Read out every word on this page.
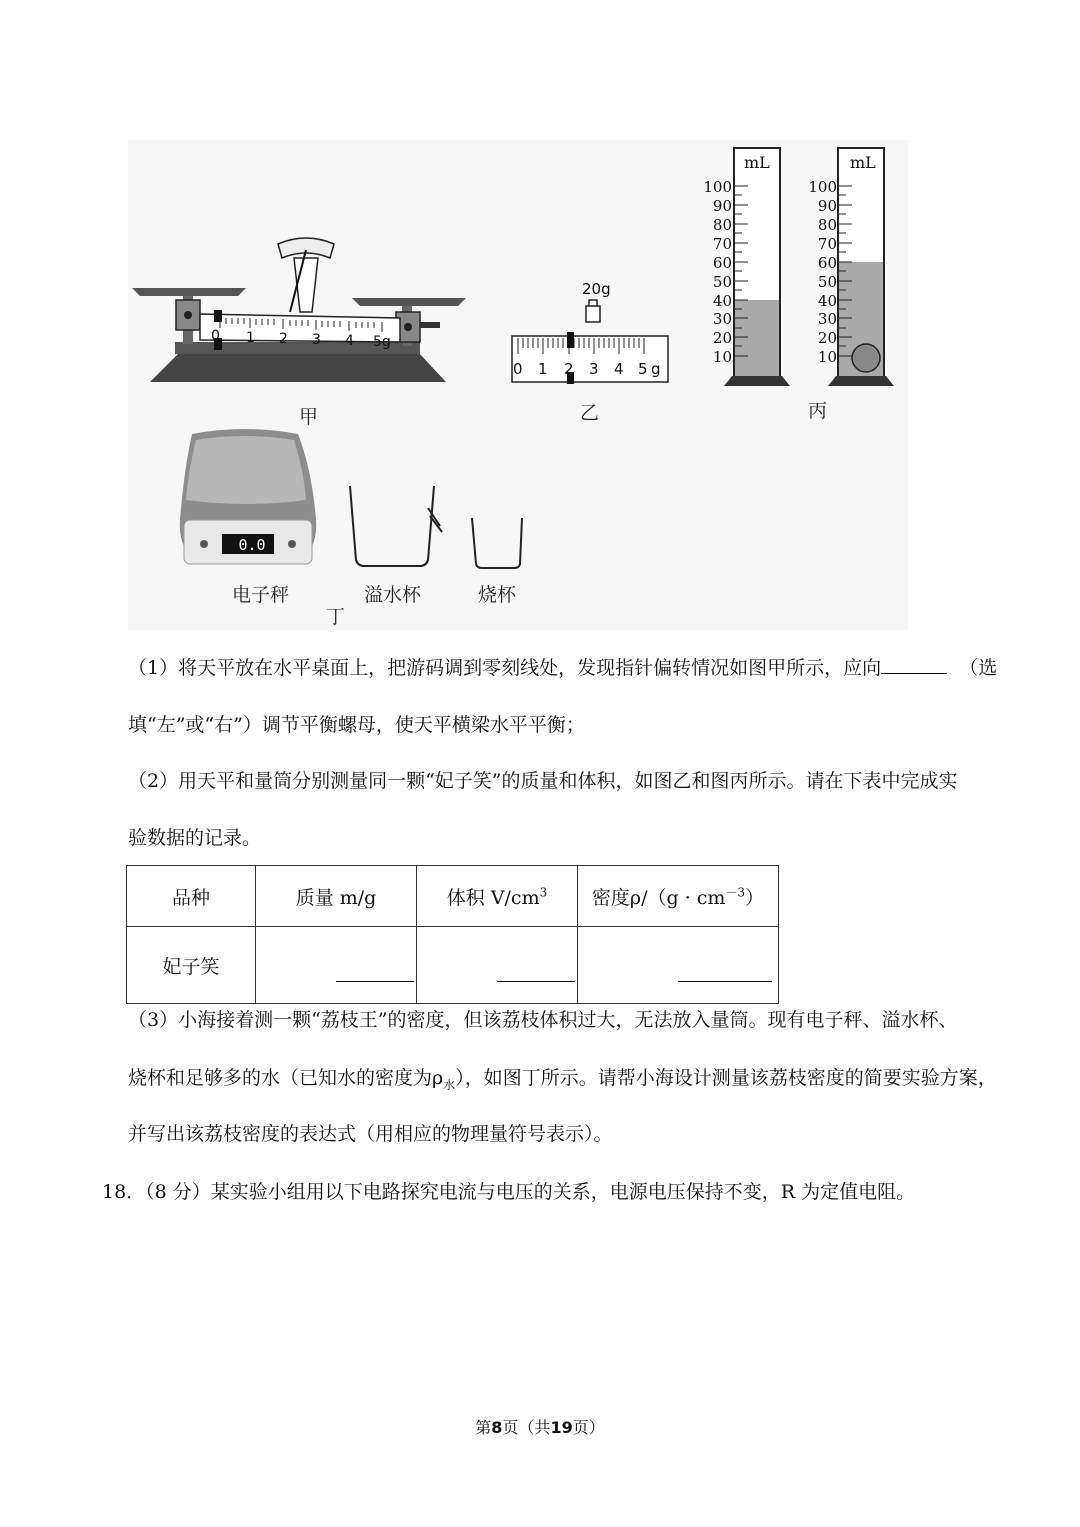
0 1 2 3 4 5g
20g
0 1 2 3 4 5 g
mL	mL
100
90
80
70
60
50
40
30
20
10
100
90
80
70
60
50
40
30
20
10
0.0
甲	乙	丙
电子秤	溢水杯	烧杯
丁
（1）将天平放在水平桌面上，把游码调到零刻线处，发现指针偏转情况如图甲所示，应向	（选
填“左”或“右”）调节平衡螺母，使天平横梁水平平衡；
（2）用天平和量筒分别测量同一颗“妃子笑”的质量和体积，如图乙和图丙所示。请在下表中完成实
验数据的记录。
品种	质量 m/g	体积 $V/cm^3$	密度$\rho/(g \cdot cm^{-3})$
妃子笑			
（3）小海接着测一颗“荔枝王”的密度，但该荔枝体积过大，无法放入量筒。现有电子秤、溢水杯、
烧杯和足够多的水（已知水的密度为$\rho_水$），如图丁所示。请帮小海设计测量该荔枝密度的简要实验方案，
并写出该荔枝密度的表达式（用相应的物理量符号表示）。
18．（8 分）某实验小组用以下电路探究电流与电压的关系，电源电压保持不变，R 为定值电阻。
第8页（共19页）
